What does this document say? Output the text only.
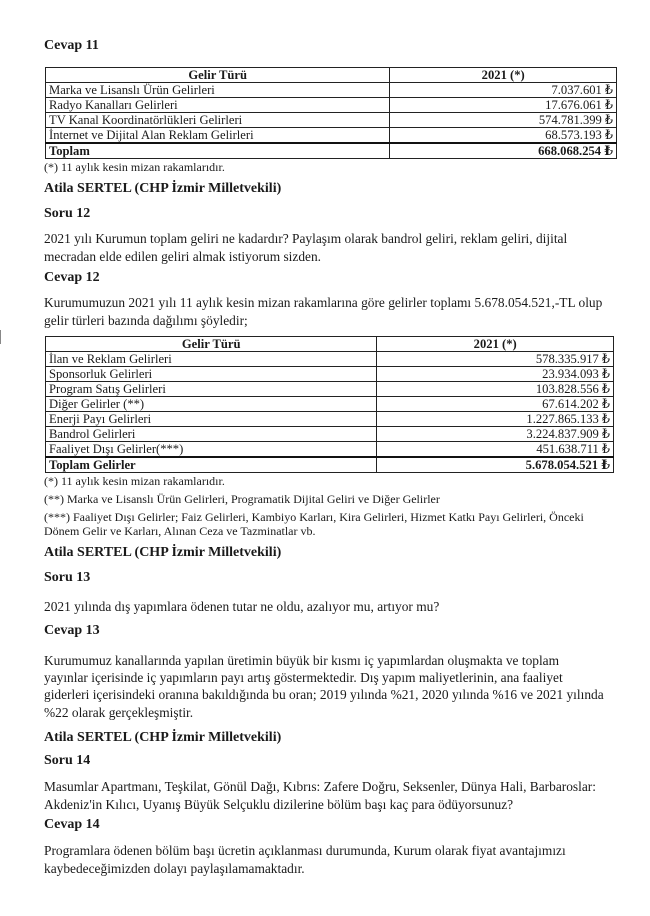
Cevap 11
Gelir Türü	2021 (*)
Marka ve Lisanslı Ürün Gelirleri	7.037.601 ₺
Radyo Kanalları Gelirleri	17.676.061 ₺
TV Kanal Koordinatörlükleri Gelirleri	574.781.399 ₺
İnternet ve Dijital Alan Reklam Gelirleri	68.573.193 ₺
Toplam	668.068.254 ₺
(*) 11 aylık kesin mizan rakamlarıdır.
Atila SERTEL (CHP İzmir Milletvekili)
Soru 12
2021 yılı Kurumun toplam geliri ne kadardır? Paylaşım olarak bandrol geliri, reklam geliri, dijital
mecradan elde edilen geliri almak istiyorum sizden.
Cevap 12
Kurumumuzun 2021 yılı 11 aylık kesin mizan rakamlarına göre gelirler toplamı 5.678.054.521,-TL olup
gelir türleri bazında dağılımı şöyledir;
Gelir Türü	2021 (*)
İlan ve Reklam Gelirleri	578.335.917 ₺
Sponsorluk Gelirleri	23.934.093 ₺
Program Satış Gelirleri	103.828.556 ₺
Diğer Gelirler (**)	67.614.202 ₺
Enerji Payı Gelirleri	1.227.865.133 ₺
Bandrol Gelirleri	3.224.837.909 ₺
Faaliyet Dışı Gelirler(***)	451.638.711 ₺
Toplam Gelirler	5.678.054.521 ₺
(*) 11 aylık kesin mizan rakamlarıdır.
(**) Marka ve Lisanslı Ürün Gelirleri, Programatik Dijital Geliri ve Diğer Gelirler
(***) Faaliyet Dışı Gelirler; Faiz Gelirleri, Kambiyo Karları, Kira Gelirleri, Hizmet Katkı Payı Gelirleri, Önceki
Dönem Gelir ve Karları, Alınan Ceza ve Tazminatlar vb.
Atila SERTEL (CHP İzmir Milletvekili)
Soru 13
2021 yılında dış yapımlara ödenen tutar ne oldu, azalıyor mu, artıyor mu?
Cevap 13
Kurumumuz kanallarında yapılan üretimin büyük bir kısmı iç yapımlardan oluşmakta ve toplam
yayınlar içerisinde iç yapımların payı artış göstermektedir. Dış yapım maliyetlerinin, ana faaliyet
giderleri içerisindeki oranına bakıldığında bu oran; 2019 yılında %21, 2020 yılında %16 ve 2021 yılında
%22 olarak gerçekleşmiştir.
Atila SERTEL (CHP İzmir Milletvekili)
Soru 14
Masumlar Apartmanı, Teşkilat, Gönül Dağı, Kıbrıs: Zafere Doğru, Seksenler, Dünya Hali, Barbaroslar:
Akdeniz'in Kılıcı, Uyanış Büyük Selçuklu dizilerine bölüm başı kaç para ödüyorsunuz?
Cevap 14
Programlara ödenen bölüm başı ücretin açıklanması durumunda, Kurum olarak fiyat avantajımızı
kaybedeceğimizden dolayı paylaşılamamaktadır.
